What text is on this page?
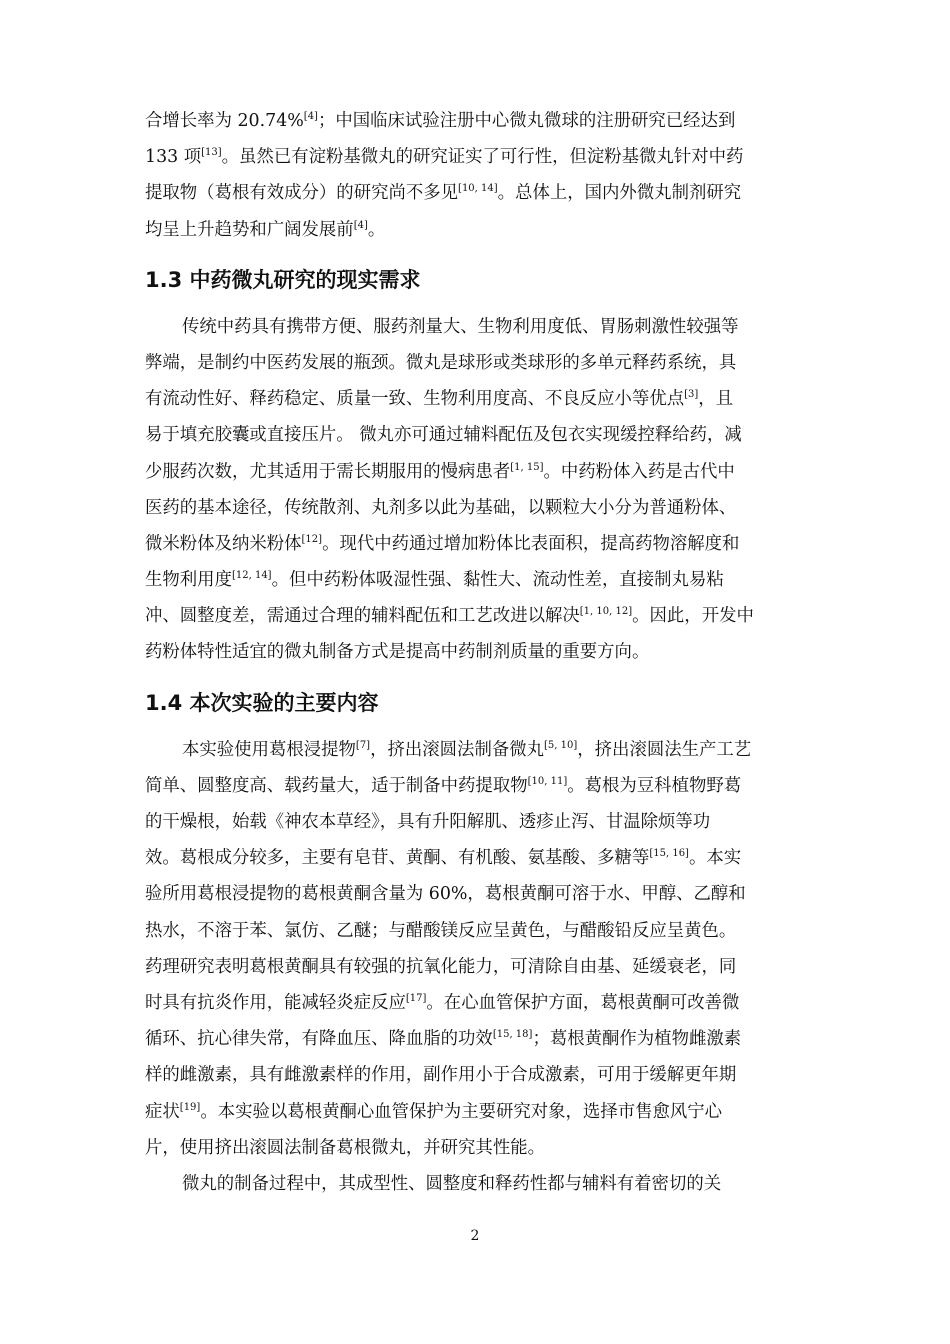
合增长率为 20.74%[4]；中国临床试验注册中心微丸微球的注册研究已经达到
133 项[13]。虽然已有淀粉基微丸的研究证实了可行性，但淀粉基微丸针对中药
提取物（葛根有效成分）的研究尚不多见[10, 14]。总体上，国内外微丸制剂研究
均呈上升趋势和广阔发展前[4]。
1.3 中药微丸研究的现实需求
传统中药具有携带方便、服药剂量大、生物利用度低、胃肠刺激性较强等
弊端，是制约中医药发展的瓶颈。微丸是球形或类球形的多单元释药系统，具
有流动性好、释药稳定、质量一致、生物利用度高、不良反应小等优点[3]，且
易于填充胶囊或直接压片。 微丸亦可通过辅料配伍及包衣实现缓控释给药，减
少服药次数，尤其适用于需长期服用的慢病患者[1, 15]。中药粉体入药是古代中
医药的基本途径，传统散剂、丸剂多以此为基础，以颗粒大小分为普通粉体、
微米粉体及纳米粉体[12]。现代中药通过增加粉体比表面积，提高药物溶解度和
生物利用度[12, 14]。但中药粉体吸湿性强、黏性大、流动性差，直接制丸易粘
冲、圆整度差，需通过合理的辅料配伍和工艺改进以解决[1, 10, 12]。因此，开发中
药粉体特性适宜的微丸制备方式是提高中药制剂质量的重要方向。
1.4 本次实验的主要内容
本实验使用葛根浸提物[7]，挤出滚圆法制备微丸[5, 10]，挤出滚圆法生产工艺
简单、圆整度高、载药量大，适于制备中药提取物[10, 11]。葛根为豆科植物野葛
的干燥根，始载《神农本草经》，具有升阳解肌、透疹止泻、甘温除烦等功
效。葛根成分较多，主要有皂苷、黄酮、有机酸、氨基酸、多糖等[15, 16]。本实
验所用葛根浸提物的葛根黄酮含量为 60%，葛根黄酮可溶于水、甲醇、乙醇和
热水，不溶于苯、氯仿、乙醚；与醋酸镁反应呈黄色，与醋酸铅反应呈黄色。
药理研究表明葛根黄酮具有较强的抗氧化能力，可清除自由基、延缓衰老，同
时具有抗炎作用，能减轻炎症反应[17]。在心血管保护方面，葛根黄酮可改善微
循环、抗心律失常，有降血压、降血脂的功效[15, 18]；葛根黄酮作为植物雌激素
样的雌激素，具有雌激素样的作用，副作用小于合成激素，可用于缓解更年期
症状[19]。本实验以葛根黄酮心血管保护为主要研究对象，选择市售愈风宁心
片，使用挤出滚圆法制备葛根微丸，并研究其性能。
微丸的制备过程中，其成型性、圆整度和释药性都与辅料有着密切的关
2
